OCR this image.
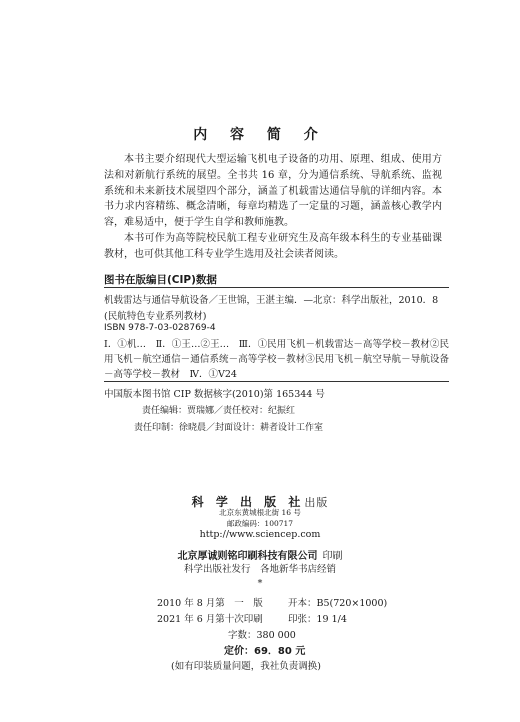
内 容 简 介

本书主要介绍现代大型运输飞机电子设备的功用、原理、组成、使用方法和对新航行系统的展望。全书共 16 章，分为通信系统、导航系统、监视系统和未来新技术展望四个部分，涵盖了机载雷达通信导航的详细内容。本书力求内容精练、概念清晰，每章均精选了一定量的习题，涵盖核心教学内容，难易适中，便于学生自学和教师施教。

本书可作为高等院校民航工程专业研究生及高年级本科生的专业基础课教材，也可供其他工科专业学生选用及社会读者阅读。

图书在版编目(CIP)数据
机载雷达与通信导航设备／王世锦，王湛主编．—北京：科学出版社，2010．8
(民航特色专业系列教材)
ISBN 978-7-03-028769-4
Ⅰ．①机…　Ⅱ．①王…②王…　Ⅲ．①民用飞机－机载雷达－高等学校－教材②民用飞机－航空通信－通信系统－高等学校－教材③民用飞机－航空导航－导航设备－高等学校－教材　Ⅳ．①V24
中国版本图书馆 CIP 数据核字(2010)第 165344 号
责任编辑：贾瑞娜／责任校对：纪振红
责任印制：徐晓晨／封面设计：耕者设计工作室
科 学 出 版 社出版
北京东黄城根北街 16 号
邮政编码：100717
http://www.sciencep.com
北京厚诚则铭印刷科技有限公司 印刷
科学出版社发行　各地新华书店经销
*
2010 年 8 月第　一　版	开本：B5(720×1000)
2021 年 6 月第十次印刷	印张：19 1/4
字数：380 000
定价：69．80 元
(如有印装质量问题，我社负责调换)
